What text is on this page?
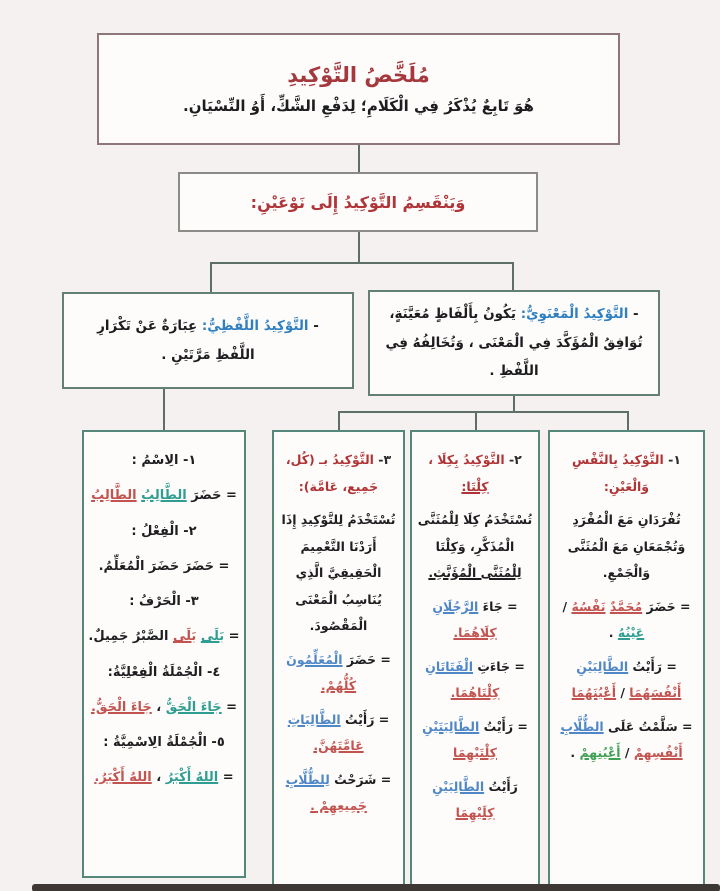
مُلَخَّصُ التَّوْكِيدِ
هُوَ تَابِعٌ يُذْكَرُ فِي الْكَلَامِ؛ لِدَفْعِ الشَّكِّ، أَوُ النِّسْيَانِ.
وَيَنْقَسِمُ التَّوْكِيدُ إِلَى نَوْعَيْنِ:

- التَّوْكِيدُ اللَّفْظِيُّ: عِبَارَةٌ عَنْ تَكْرَارِ اللَّفْظِ مَرَّتَيْنِ .

- التَّوْكِيدُ الْمَعْنَوِيُّ: يَكُونُ بِأَلْفَاظٍ مُعَيَّنَةٍ، تُوَافِقُ الْمُؤَكَّدَ فِي الْمَعْنَى ، وَتُخَالِفُهُ فِي اللَّفْظِ .

١- الِاسْمُ :

= حَضَرَ الطَّالِبُ الطَّالِبُ

٢- الْفِعْلُ :

= حَضَرَ حَضَرَ الْمُعَلِّمُ.

٣- الْحَرْفُ :

= بَلَى بَلَى الصَّبْرُ جَمِيلٌ.

٤- الْجُمْلَةُ الْفِعْلِيَّةُ:

= جَاءَ الْحَقُّ ، جَاءَ الْحَقُّ.

٥- الْجُمْلَةُ الِاسْمِيَّةُ :

= اللهُ أَكْبَرُ ، اللهُ أَكْبَرُ.

٣- التَّوْكِيدُ بـ (كُل، جَمِيع، عَامَّة):

تُسْتَخْدَمُ لِلتَّوْكِيدِ إِذَا أَرَدْنَا التَّعْمِيمَ الْحَقِيقِيَّ الَّذِي يُنَاسِبُ الْمَعْنَى الْمَقْصُودَ.

= حَضَرَ الْمُعَلِّمُونَ كُلُّهُمْ.

= رَأَيْتُ الطَّالِبَاتِ عَامَّتَهُنَّ.

= شَرَحْتُ لِلطُّلَّابِ جَمِيعِهِمْ .

٢- التَّوْكِيدُ بِكِلَا ، كِلْتَا:

تُسْتَخْدَمُ كِلَا لِلْمُثَنَّى الْمُذَكَّرِ، وَكِلْتَا لِلْمُثَنَّى الْمُؤَنَّثِ.

= جَاءَ الرَّجُلَانِ كِلَاهُمَا.

= جَاءَتِ الْفَتَاتَانِ كِلْتَاهُمَا.

= رَأَيْتُ الطَّالِبَتَيْنِ كِلْتَيْهِمَا

رَأَيْتُ الطَّالِبَيْنِ كِلَيْهِمَا

١- التَّوْكِيدُ بِالنَّفْسِ وَالْعَيْنِ:

تُفْرَدَانِ مَعَ الْمُفْرَدِ وَتُجْمَعَانِ مَعَ الْمُثَنَّى وَالْجَمْعِ.

= حَضَرَ مُحَمَّدٌ نَفْسُهُ / عَيْنُهُ .

= رَأَيْتُ الطَّالِبَيْنِ أَنْفُسَهُمَا / أَعْيُنَهُمَا

= سَلَّمْتُ عَلَى الطُّلَّابِ أَنْفُسِهِمْ / أَعْيُنِهِمْ .
